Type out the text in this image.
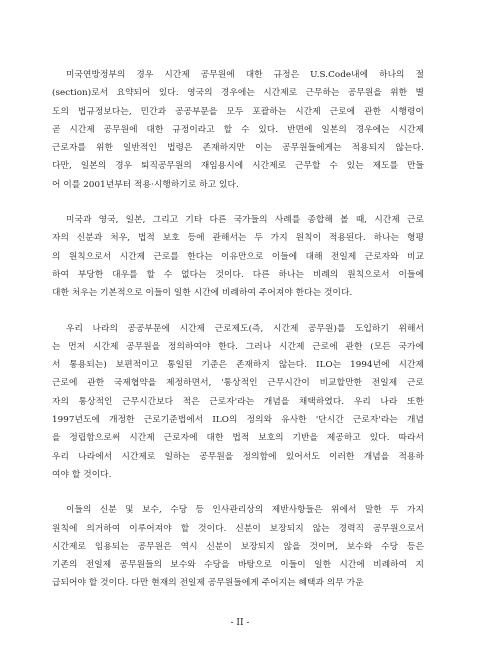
미국연방정부의 경우 시간제 공무원에 대한 규정은 U.S.Code내에 하나의 절
(section)로서 요약되어 있다. 영국의 경우에는 시간제로 근무하는 공무원을 위한 별
도의 법규정보다는, 민간과 공공부문을 모두 포괄하는 시간제 근로에 관한 시행령이
곧 시간제 공무원에 대한 규정이라고 할 수 있다. 반면에 일본의 경우에는 시간제
근로자를 위한 일반적인 법령은 존재하지만 이는 공무원들에게는 적용되지 않는다.
다만, 일본의 경우 퇴직공무원의 재임용시에 시간제로 근무할 수 있는 제도를 만들
어 이를 2001년부터 적용·시행하기로 하고 있다.

미국과 영국, 일본, 그리고 기타 다른 국가들의 사례를 종합해 볼 때, 시간제 근로
자의 신분과 처우, 법적 보호 등에 관해서는 두 가지 원칙이 적용된다. 하나는 형평
의 원칙으로서 시간제 근로를 한다는 이유만으로 이들에 대해 전일제 근로자와 비교
하여 부당한 대우를 할 수 없다는 것이다. 다른 하나는 비례의 원칙으로서 이들에
대한 처우는 기본적으로 이들이 일한 시간에 비례하여 주어져야 한다는 것이다.

우리 나라의 공공부문에 시간제 근로제도(즉, 시간제 공무원)를 도입하기 위해서
는 먼저 시간제 공무원을 정의하여야 한다. 그러나 시간제 근로에 관한 (모든 국가에
서 통용되는) 보편적이고 통일된 기준은 존재하지 않는다. ILO는 1994년에 시간제
근로에 관한 국제협약을 제정하면서, '통상적인 근무시간이 비교할만한 전일제 근로
자의 통상적인 근무시간보다 적은 근로자'라는 개념을 채택하였다. 우리 나라 또한
1997년도에 개정한 근로기준법에서 ILO의 정의와 유사한 '단시간 근로자'라는 개념
을 정립함으로써 시간제 근로자에 대한 법적 보호의 기반을 제공하고 있다. 따라서
우리 나라에서 시간제로 일하는 공무원을 정의함에 있어서도 이러한 개념을 적용하
여야 할 것이다.

이들의 신분 및 보수, 수당 등 인사관리상의 제반사항들은 위에서 말한 두 가지
원칙에 의거하여 이루어져야 할 것이다. 신분이 보장되지 않는 경력직 공무원으로서
시간제로 임용되는 공무원은 역시 신분이 보장되지 않을 것이며, 보수와 수당 등은
기존의 전일제 공무원들의 보수와 수당을 바탕으로 이들이 일한 시간에 비례하여 지
급되어야 할 것이다. 다만 현재의 전일제 공무원들에게 주어지는 혜택과 의무 가운

- II -
